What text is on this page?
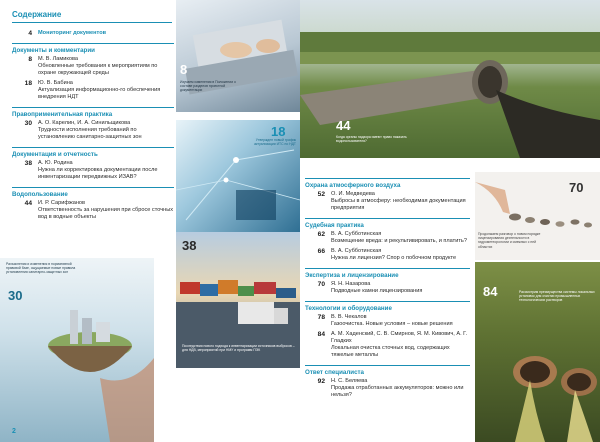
Содержание
4	Мониторинг документов
Документы и комментарии
8	М. В. Ламикова
Обновленные требования к мероприятиям по охране окружающей среды
18	Ю. В. Бабина
Актуализация информационно-го обеспечения внедрения НДТ
Правоприменительная практика
30	А. О. Карелин, И. А. Синильщикова
Трудности исполнения требований по установлению санитарно-защитных зон
Документация и отчетность
38	А. Ю. Родина
Нужна ли корректировка документации после инвентаризации передвижных ИЗАВ?
Водопользование
44	И. Р. Сарифжанов
Ответственность за нарушения при сбросе сточных вод в водные объекты
Охрана атмосферного воздуха
52	О. И. Медведева
Выбросы в атмосферу: необходимая документация предприятия
Судебная практика
62	В. А. Субботинская
Возмещение вреда: и рекультивировать, и платить?
66	В. А. Субботинская
Нужна ли лицензия? Спор о побочном продукте
Экспертиза и лицензирование
70	Я. Н. Назарова
Подводные камни лицензирования
Технологии и оборудование
78	В. В. Чекалов
Газоочистка. Новые условия – новые решения
84	А. М. Хаденский, С. В. Смирнов, Я. М. Кивович, А. Г. Гладких
Локальная очистка сточных вод, содержащих тяжелые металлы
Ответ специалиста
92	Н. С. Беляева
Продажа отработанных аккумуляторов: можно или нельзя?
8
Изучаем изменения в Положении о составе разделов проектной документации
44
Когда органы надзора имеют право наказать водопользователя?
18
Утвержден новый график актуализации ИТС по НДТ
70
Продолжаем разговор о новом порядке лицензирования деятельности в гидрометеорологии и смежных с ней областях
Разъяснения и изменения в нормативной правовой базе, ощущаемые новые правила установления санитарно-защитных зон
30
38
Последствия нового подхода к инвентаризации источников выбросов – для НДВ, мероприятий при НМУ и программ ПЭК
84	Рассмотрим преимущества системы локальных установок для очистки промышленных технологических растворов
2
